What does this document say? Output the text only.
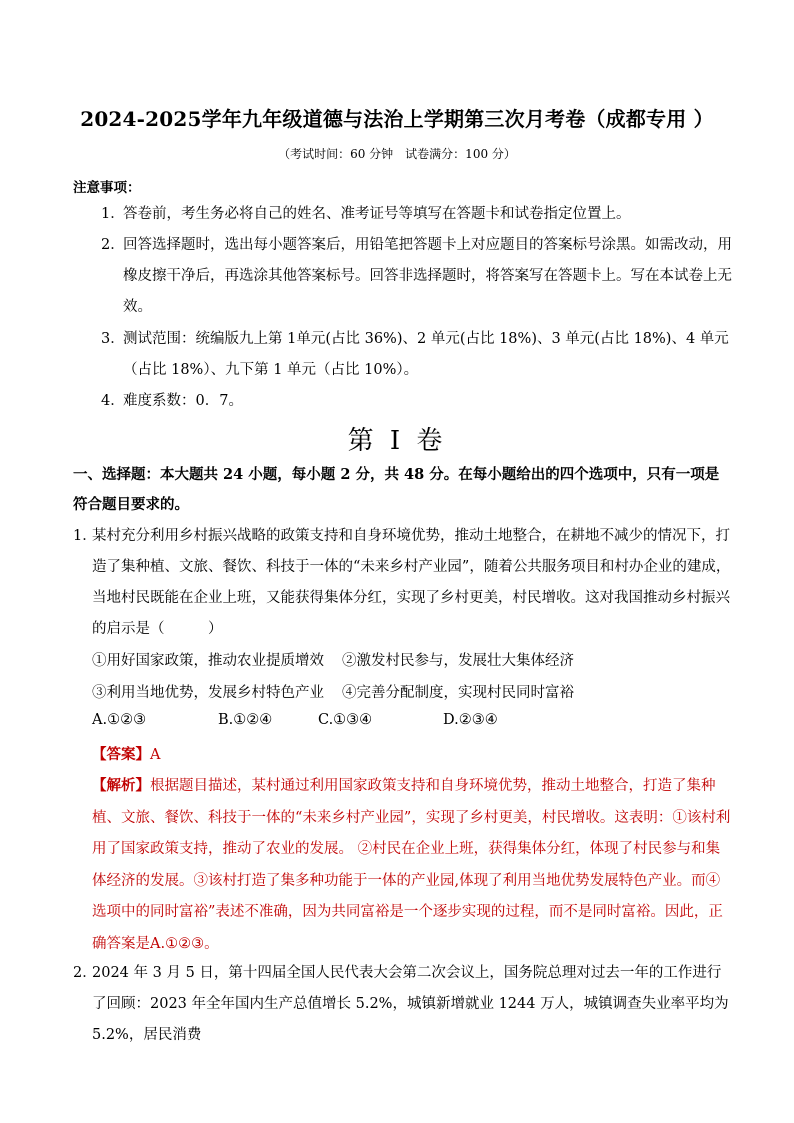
2024-2025学年九年级道德与法治上学期第三次月考卷（成都专用 ）
（考试时间：60 分钟　试卷满分：100 分）
注意事项：
1．
答卷前，考生务必将自己的姓名、准考证号等填写在答题卡和试卷指定位置上。
2．
回答选择题时，选出每小题答案后，用铅笔把答题卡上对应题目的答案标号涂黑。如需改动，用橡皮擦干净后，再选涂其他答案标号。回答非选择题时，将答案写在答题卡上。写在本试卷上无效。
3．
测试范围：统编版九上第 1单元(占比 36%)、2 单元(占比 18%)、3 单元(占比 18%)、4 单元（占比 18%）、九下第 1 单元（占比 10%）。
4．
难度系数：0．7。
第 I 卷
一、选择题：本大题共 24 小题，每小题 2 分，共 48 分。在每小题给出的四个选项中，只有一项是符合题目要求的。
1．
某村充分利用乡村振兴战略的政策支持和自身环境优势，推动土地整合，在耕地不减少的情况下，打造了集种植、文旅、餐饮、科技于一体的“未来乡村产业园”，随着公共服务项目和村办企业的建成，当地村民既能在企业上班，又能获得集体分红，实现了乡村更美，村民增收。这对我国推动乡村振兴的启示是（　　　）
①用好国家政策，推动农业提质增效 ②激发村民参与，发展壮大集体经济
③利用当地优势，发展乡村特色产业 ④完善分配制度，实现村民同时富裕
A.①②③	B.①②④	C.①③④	D.②③④
【答案】A
【解析】根据题目描述，某村通过利用国家政策支持和自身环境优势，推动土地整合，打造了集种植、文旅、餐饮、科技于一体的“未来乡村产业园”，实现了乡村更美，村民增收。这表明：①该村利用了国家政策支持，推动了农业的发展。 ②村民在企业上班，获得集体分红，体现了村民参与和集体经济的发展。③该村打造了集多种功能于一体的产业园,体现了利用当地优势发展特色产业。而④选项中的同时富裕”表述不准确，因为共同富裕是一个逐步实现的过程，而不是同时富裕。因此，正确答案是A.①②③。
2．
2024 年 3 月 5 日，第十四届全国人民代表大会第二次会议上，国务院总理对过去一年的工作进行了回顾：2023 年全年国内生产总值增长 5.2%，城镇新增就业 1244 万人，城镇调查失业率平均为 5.2%，居民消费
